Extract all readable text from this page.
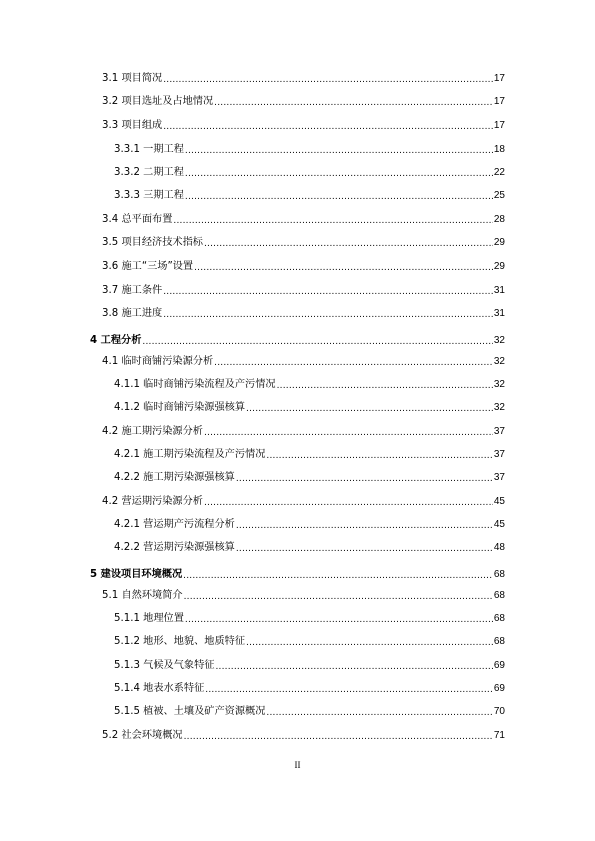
3.1 项目简况 .....	17
3.2 项目选址及占地情况 .....	17
3.3 项目组成 .....	17
3.3.1 一期工程 .....	18
3.3.2 二期工程 .....	22
3.3.3 三期工程 .....	25
3.4 总平面布置 .....	28
3.5 项目经济技术指标 .....	29
3.6 施工“三场”设置 .....	29
3.7 施工条件 .....	31
3.8 施工进度 .....	31
4 工程分析 .....	32
4.1 临时商铺污染源分析 .....	32
4.1.1 临时商铺污染流程及产污情况 .....	32
4.1.2 临时商铺污染源强核算 .....	32
4.2 施工期污染源分析 .....	37
4.2.1 施工期污染流程及产污情况 .....	37
4.2.2 施工期污染源强核算 .....	37
4.2 营运期污染源分析 .....	45
4.2.1 营运期产污流程分析 .....	45
4.2.2 营运期污染源强核算 .....	48
5 建设项目环境概况 .....	68
5.1 自然环境简介 .....	68
5.1.1 地理位置 .....	68
5.1.2 地形、地貌、地质特征 .....	68
5.1.3 气候及气象特征 .....	69
5.1.4 地表水系特征 .....	69
5.1.5 植被、土壤及矿产资源概况 .....	70
5.2 社会环境概况 .....	71
II
